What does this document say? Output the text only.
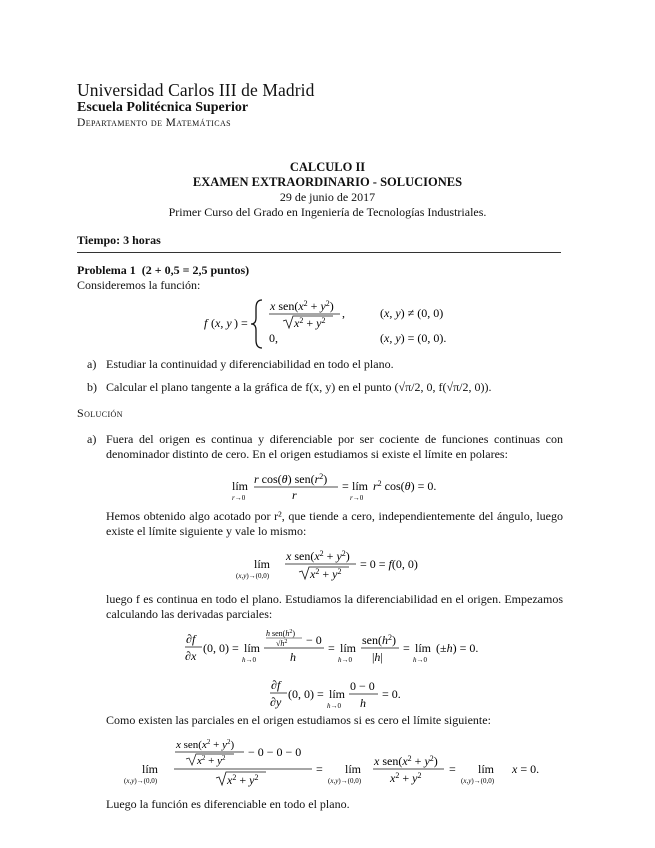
Universidad Carlos III de Madrid
Escuela Politécnica Superior
Departamento de Matemáticas
CALCULO II
EXAMEN EXTRAORDINARIO - SOLUCIONES
29 de junio de 2017
Primer Curso del Grado en Ingeniería de Tecnologías Industriales.
Tiempo: 3 horas
Problema 1 (2 + 0,5 = 2,5 puntos)
Consideremos la función:
f ( x, y ) =
x $sen(x^2 + y^2)$
$x^2 + y^2$
,	(x, y) ≠ (0, 0)
0,	(x, y) = (0, 0).
a) Estudiar la continuidad y diferenciabilidad en todo el plano.
b) Calcular el plano tangente a la gráfica de f(x, y) en el punto (√π/2, 0, f(√π/2, 0)).
Solución
a) Fuera del origen es continua y diferenciable por ser cociente de funciones continuas con denominador distinto de cero. En el origen estudiamos si existe el límite en polares:
lím
r→0
r cos(θ) $sen(r^2)$
r
= lím
r→0
$r^2$ cos(θ) = 0.
Hemos obtenido algo acotado por r², que tiende a cero, independientemente del ángulo, luego existe el límite siguiente y vale lo mismo:
lím
(x,y)→(0,0)
x $sen(x^2 + y^2)$
$x^2 + y^2$
= 0 = f(0, 0)
luego f es continua en todo el plano. Estudiamos la diferenciabilidad en el origen. Empezamos calculando las derivadas parciales:
∂f
∂x
(0, 0) = lím
h→0
h $sen(h^2)$
$√h^2 - 0$
h
= lím
h→0
$sen(h^2)$
|h|
= lím
h→0
(±h) = 0.
∂f
∂y
(0, 0) = lím
h→0
0 − 0
h
= 0.
Como existen las parciales en el origen estudiamos si es cero el límite siguiente:
lím
(x,y)→(0,0)
x $sen(x^2 + y^2)$
$x^2 + y^2 - 0 - 0 - 0$
$x^2 + y^2$
= lím
(x,y)→(0,0)
x $sen(x^2 + y^2)$
$x^2 + y^2$ = lím
(x,y)→(0,0)
x = 0.
Luego la función es diferenciable en todo el plano.
